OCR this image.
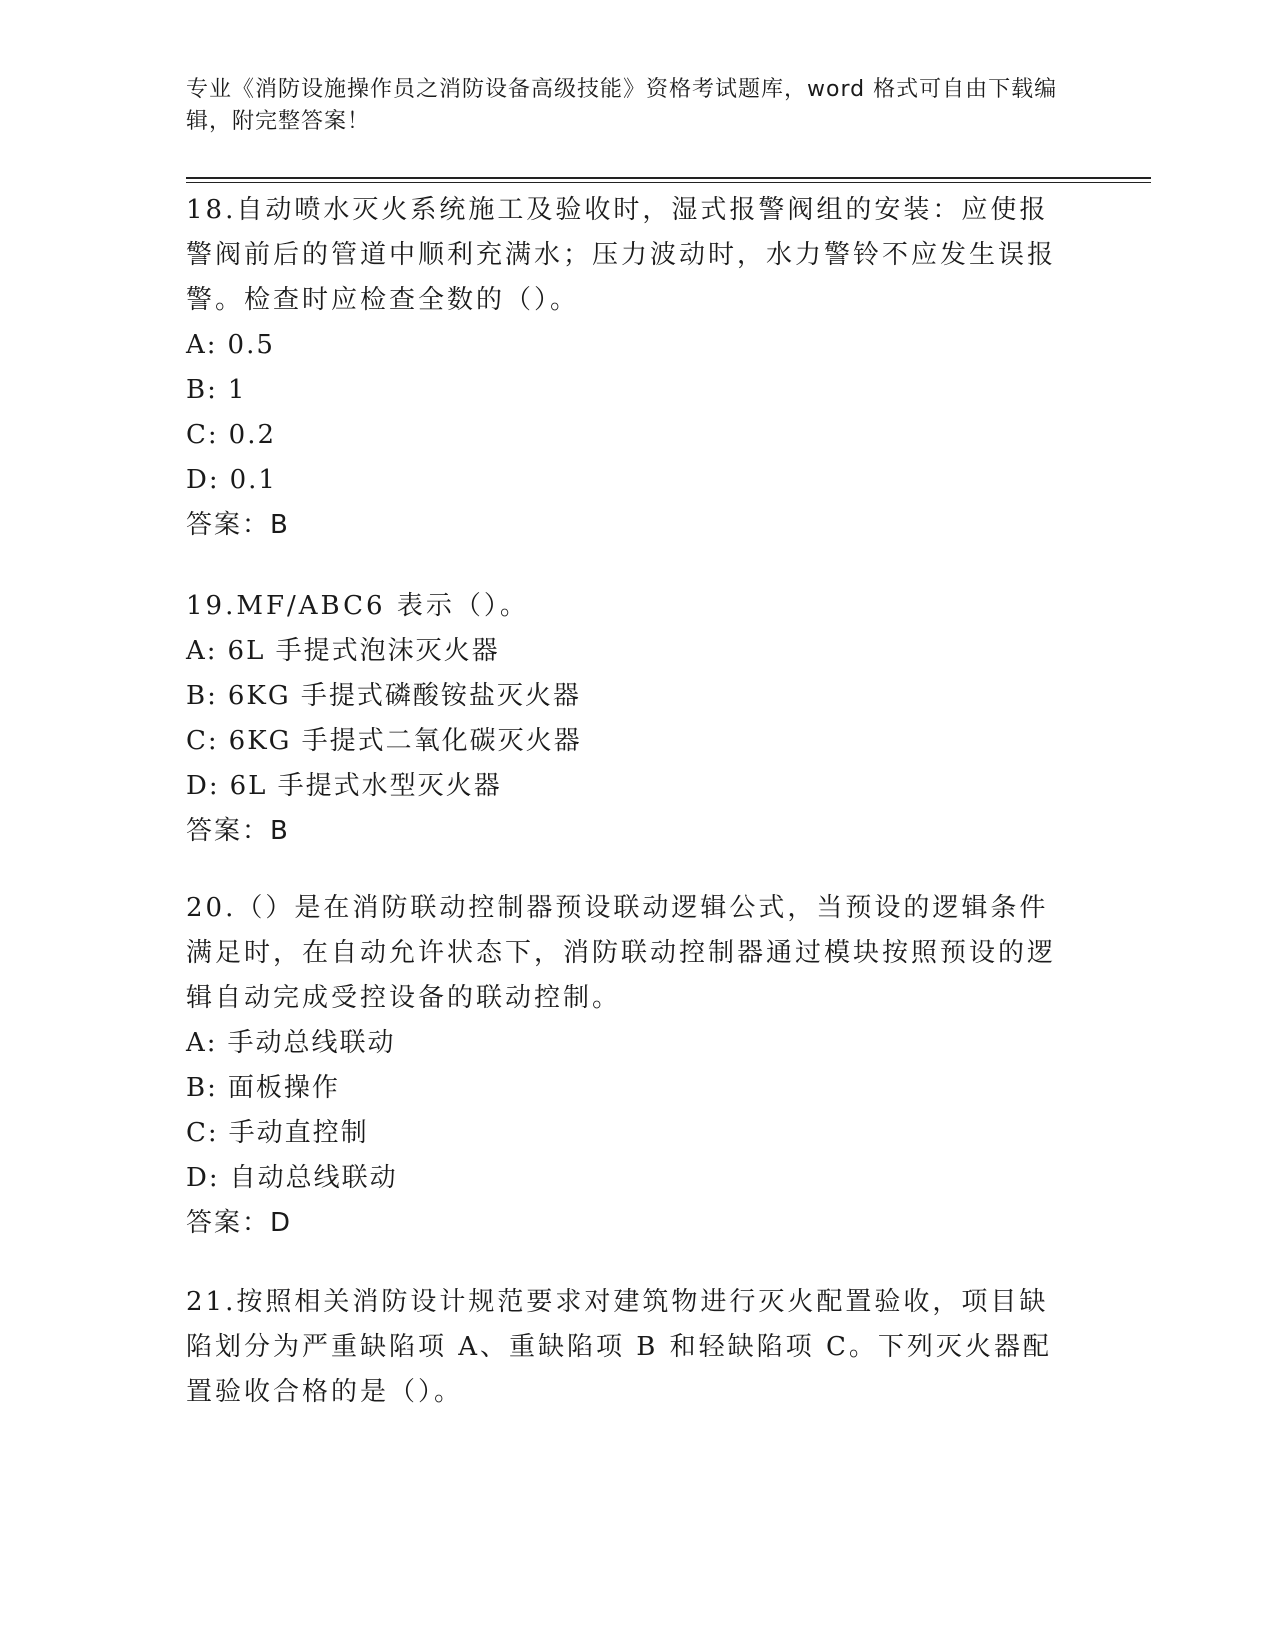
专业《消防设施操作员之消防设备高级技能》资格考试题库，word 格式可自由下载编辑，附完整答案！

18.自动喷水灭火系统施工及验收时，湿式报警阀组的安装：应使报警阀前后的管道中顺利充满水；压力波动时，水力警铃不应发生误报警。检查时应检查全数的（）。

A: 0.5
B: 1
C: 0.2
D: 0.1
答案：B

19.MF/ABC6 表示（）。

A: 6L 手提式泡沫灭火器
B: 6KG 手提式磷酸铵盐灭火器
C: 6KG 手提式二氧化碳灭火器
D: 6L 手提式水型灭火器
答案：B

20.（）是在消防联动控制器预设联动逻辑公式，当预设的逻辑条件满足时，在自动允许状态下，消防联动控制器通过模块按照预设的逻辑自动完成受控设备的联动控制。

A: 手动总线联动
B: 面板操作
C: 手动直控制
D: 自动总线联动
答案：D

21.按照相关消防设计规范要求对建筑物进行灭火配置验收，项目缺陷划分为严重缺陷项 A、重缺陷项 B 和轻缺陷项 C。下列灭火器配置验收合格的是（）。
